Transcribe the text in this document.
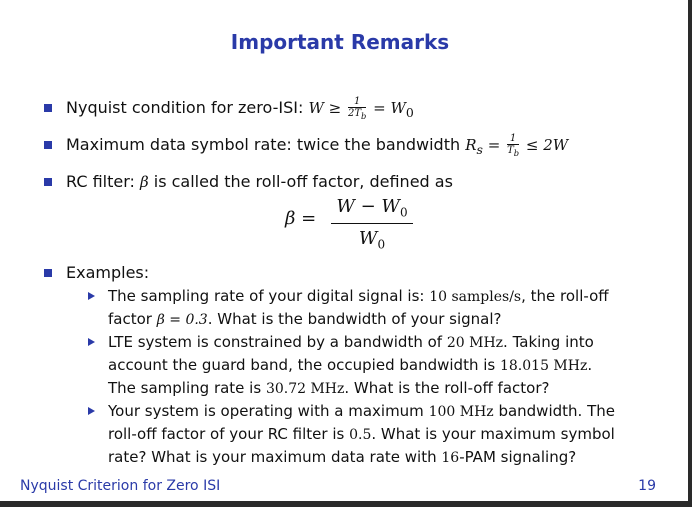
Important Remarks
Nyquist condition for zero-ISI: $W \ge \frac{1}{2T_b} = W_0$
Maximum data symbol rate: twice the bandwidth $R_s = \frac{1}{T_b} \le 2W$
RC filter: β is called the roll-off factor, defined as
$\beta = \frac{W - W_0}{W_0}$
Examples:
The sampling rate of your digital signal is: 10 samples/s, the roll-off
factor β = 0.3. What is the bandwidth of your signal?
LTE system is constrained by a bandwidth of 20 MHz. Taking into
account the guard band, the occupied bandwidth is 18.015 MHz.
The sampling rate is 30.72 MHz. What is the roll-off factor?
Your system is operating with a maximum 100 MHz bandwidth. The
roll-off factor of your RC filter is 0.5. What is your maximum symbol
rate? What is your maximum data rate with 16-PAM signaling?
Nyquist Criterion for Zero ISI	19
